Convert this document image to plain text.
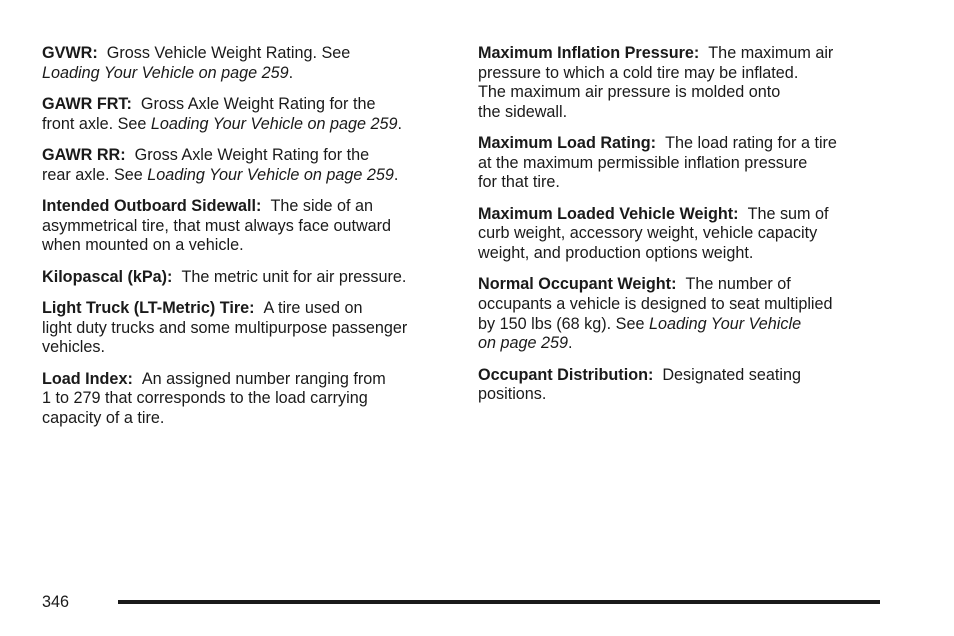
GVWR: Gross Vehicle Weight Rating. See
Loading Your Vehicle on page 259.
GAWR FRT: Gross Axle Weight Rating for the
front axle. See Loading Your Vehicle on page 259.
GAWR RR: Gross Axle Weight Rating for the
rear axle. See Loading Your Vehicle on page 259.
Intended Outboard Sidewall: The side of an
asymmetrical tire, that must always face outward
when mounted on a vehicle.
Kilopascal (kPa): The metric unit for air pressure.
Light Truck (LT-Metric) Tire: A tire used on
light duty trucks and some multipurpose passenger
vehicles.
Load Index: An assigned number ranging from
1 to 279 that corresponds to the load carrying
capacity of a tire.
Maximum Inflation Pressure: The maximum air
pressure to which a cold tire may be inflated.
The maximum air pressure is molded onto
the sidewall.
Maximum Load Rating: The load rating for a tire
at the maximum permissible inflation pressure
for that tire.
Maximum Loaded Vehicle Weight: The sum of
curb weight, accessory weight, vehicle capacity
weight, and production options weight.
Normal Occupant Weight: The number of
occupants a vehicle is designed to seat multiplied
by 150 lbs (68 kg). See Loading Your Vehicle
on page 259.
Occupant Distribution: Designated seating
positions.
346
